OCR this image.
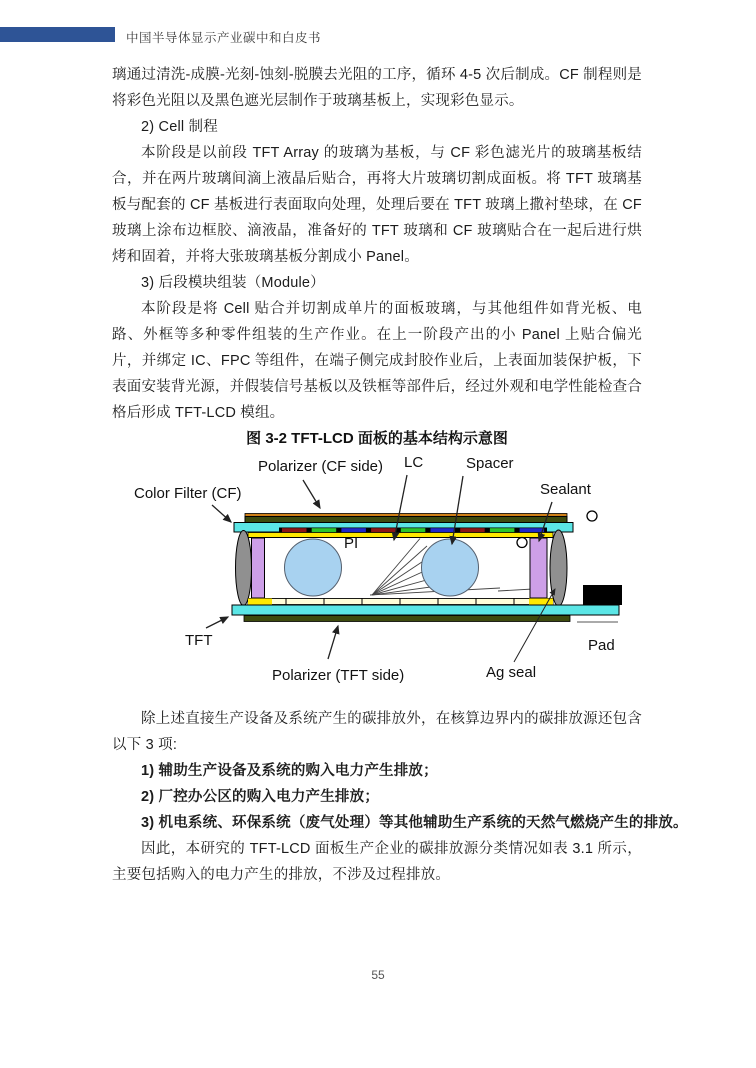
中国半导体显示产业碳中和白皮书

璃通过清洗-成膜-光刻-蚀刻-脱膜去光阻的工序，循环 4-5 次后制成。CF 制程则是将彩色光阻以及黑色遮光层制作于玻璃基板上，实现彩色显示。

2) Cell 制程

本阶段是以前段 TFT Array 的玻璃为基板，与 CF 彩色滤光片的玻璃基板结合，并在两片玻璃间滴上液晶后贴合，再将大片玻璃切割成面板。将 TFT 玻璃基板与配套的 CF 基板进行表面取向处理，处理后要在 TFT 玻璃上撒衬垫球，在 CF 玻璃上涂布边框胶、滴液晶，准备好的 TFT 玻璃和 CF 玻璃贴合在一起后进行烘烤和固着，并将大张玻璃基板分割成小 Panel。

3) 后段模块组装（Module）

本阶段是将 Cell 贴合并切割成单片的面板玻璃，与其他组件如背光板、电路、外框等多种零件组装的生产作业。在上一阶段产出的小 Panel 上贴合偏光片，并绑定 IC、FPC 等组件，在端子侧完成封胶作业后，上表面加装保护板，下表面安装背光源，并假装信号基板以及铁框等部件后，经过外观和电学性能检查合格后形成 TFT-LCD 模组。

图 3-2 TFT-LCD 面板的基本结构示意图

Color Filter (CF)
Polarizer (CF side) LC	Spacer
Sealant
PI
TFT
Polarizer (TFT side)	Ag seal
Pad

除上述直接生产设备及系统产生的碳排放外，在核算边界内的碳排放源还包含以下 3 项:

1) 辅助生产设备及系统的购入电力产生排放；

2) 厂控办公区的购入电力产生排放；

3) 机电系统、环保系统（废气处理）等其他辅助生产系统的天然气燃烧产生的排放。

因此，本研究的 TFT-LCD 面板生产企业的碳排放源分类情况如表 3.1 所示，主要包括购入的电力产生的排放，不涉及过程排放。

55
